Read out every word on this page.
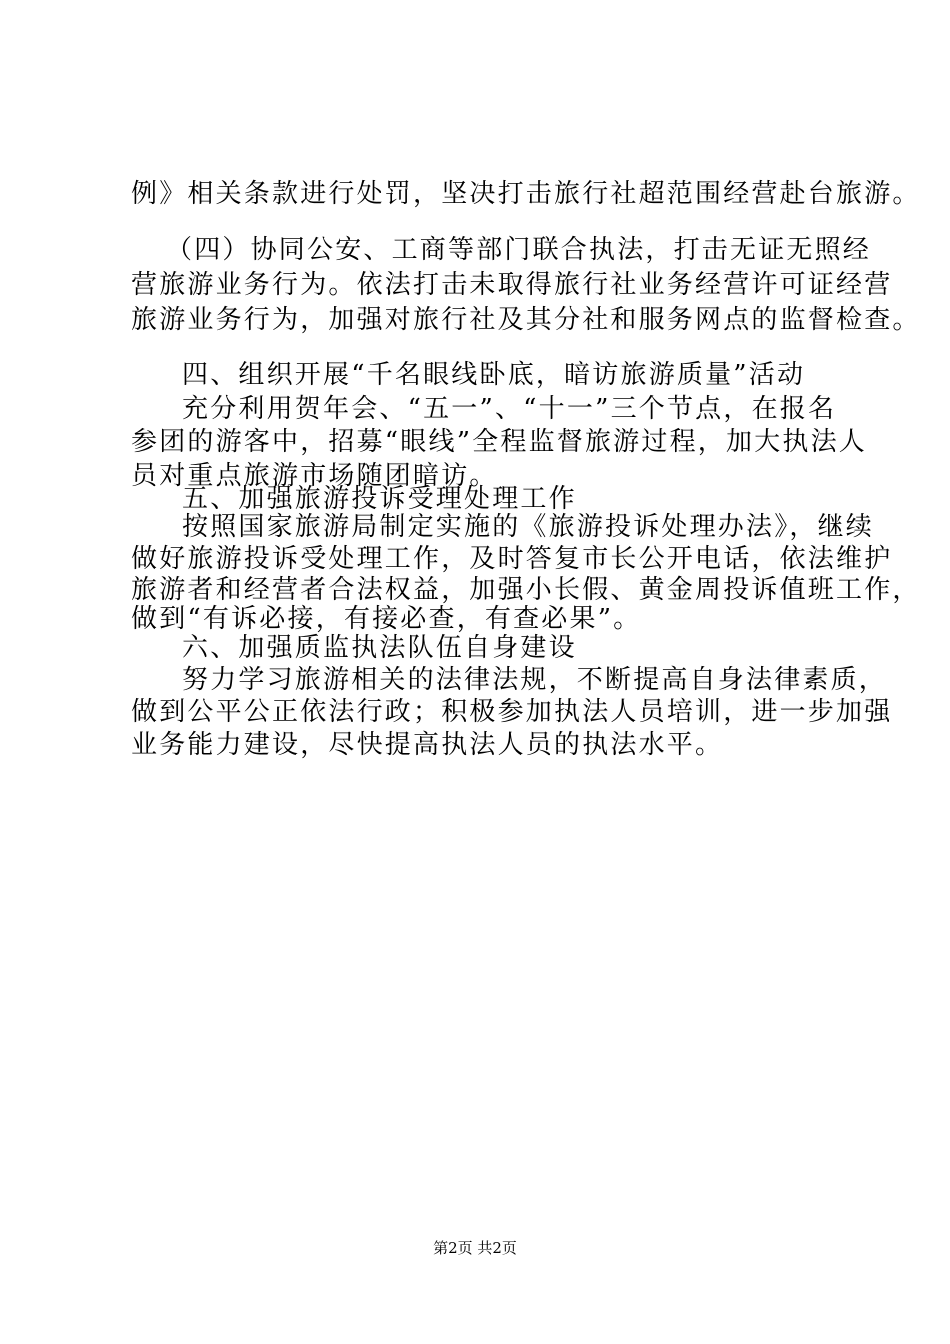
例》相关条款进行处罚，坚决打击旅行社超范围经营赴台旅游。
（四）协同公安、工商等部门联合执法，打击无证无照经
营旅游业务行为。依法打击未取得旅行社业务经营许可证经营
旅游业务行为，加强对旅行社及其分社和服务网点的监督检查。
四、组织开展“千名眼线卧底，暗访旅游质量”活动
充分利用贺年会、“五一”、“十一”三个节点，在报名
参团的游客中，招募“眼线”全程监督旅游过程，加大执法人
员对重点旅游市场随团暗访。
五、加强旅游投诉受理处理工作
按照国家旅游局制定实施的《旅游投诉处理办法》，继续
做好旅游投诉受处理工作，及时答复市长公开电话，依法维护
旅游者和经营者合法权益，加强小长假、黄金周投诉值班工作，
做到“有诉必接，有接必查，有查必果”。
六、加强质监执法队伍自身建设
努力学习旅游相关的法律法规，不断提高自身法律素质，
做到公平公正依法行政；积极参加执法人员培训，进一步加强
业务能力建设，尽快提高执法人员的执法水平。
第2页 共2页
